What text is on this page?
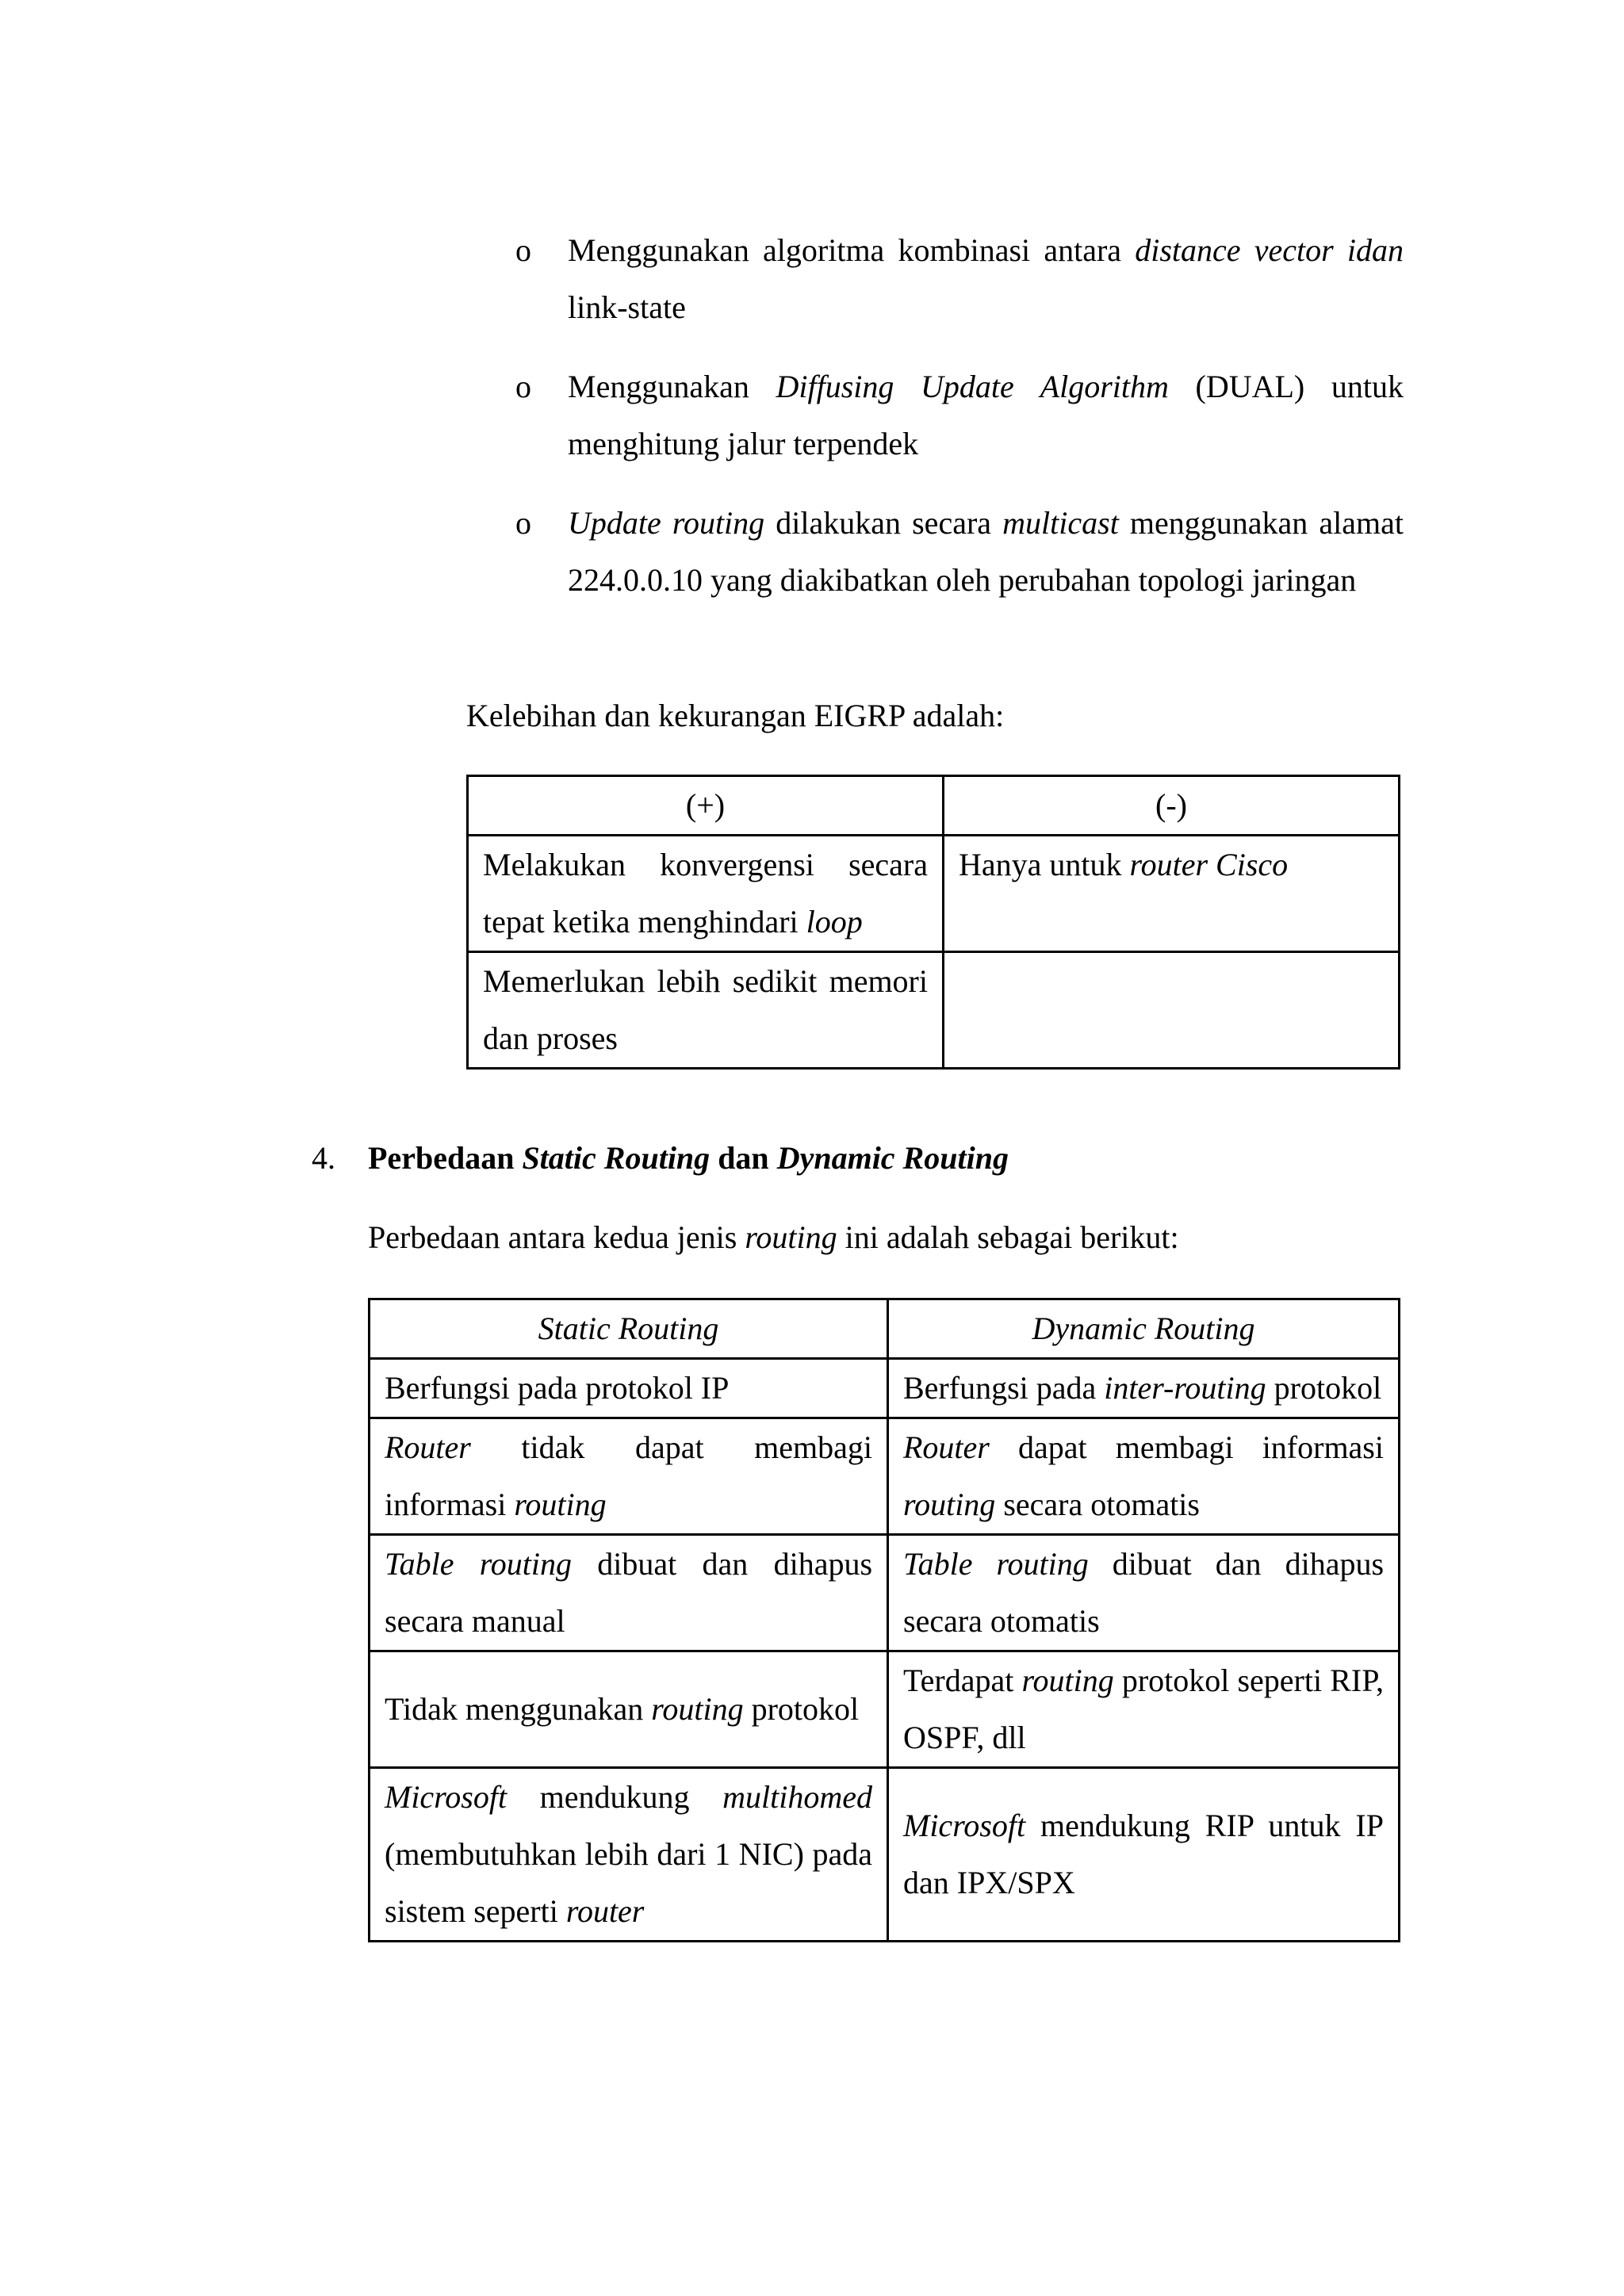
o Menggunakan algoritma kombinasi antara distance vector idan link-state
o Menggunakan Diffusing Update Algorithm (DUAL) untuk menghitung jalur terpendek
o Update routing dilakukan secara multicast menggunakan alamat 224.0.0.10 yang diakibatkan oleh perubahan topologi jaringan
Kelebihan dan kekurangan EIGRP adalah:
(+)	(-)
Melakukan konvergensi secara tepat ketika menghindari loop	Hanya untuk router Cisco
Memerlukan lebih sedikit memori dan proses	
4. Perbedaan Static Routing dan Dynamic Routing
Perbedaan antara kedua jenis routing ini adalah sebagai berikut:
Static Routing	Dynamic Routing
Berfungsi pada protokol IP	Berfungsi pada inter-routing protokol
Router tidak dapat membagi informasi routing	Router dapat membagi informasi routing secara otomatis
Table routing dibuat dan dihapus secara manual	Table routing dibuat dan dihapus secara otomatis
Tidak menggunakan routing protokol	Terdapat routing protokol seperti RIP, OSPF, dll
Microsoft mendukung multihomed (membutuhkan lebih dari 1 NIC) pada sistem seperti router	Microsoft mendukung RIP untuk IP dan IPX/SPX
